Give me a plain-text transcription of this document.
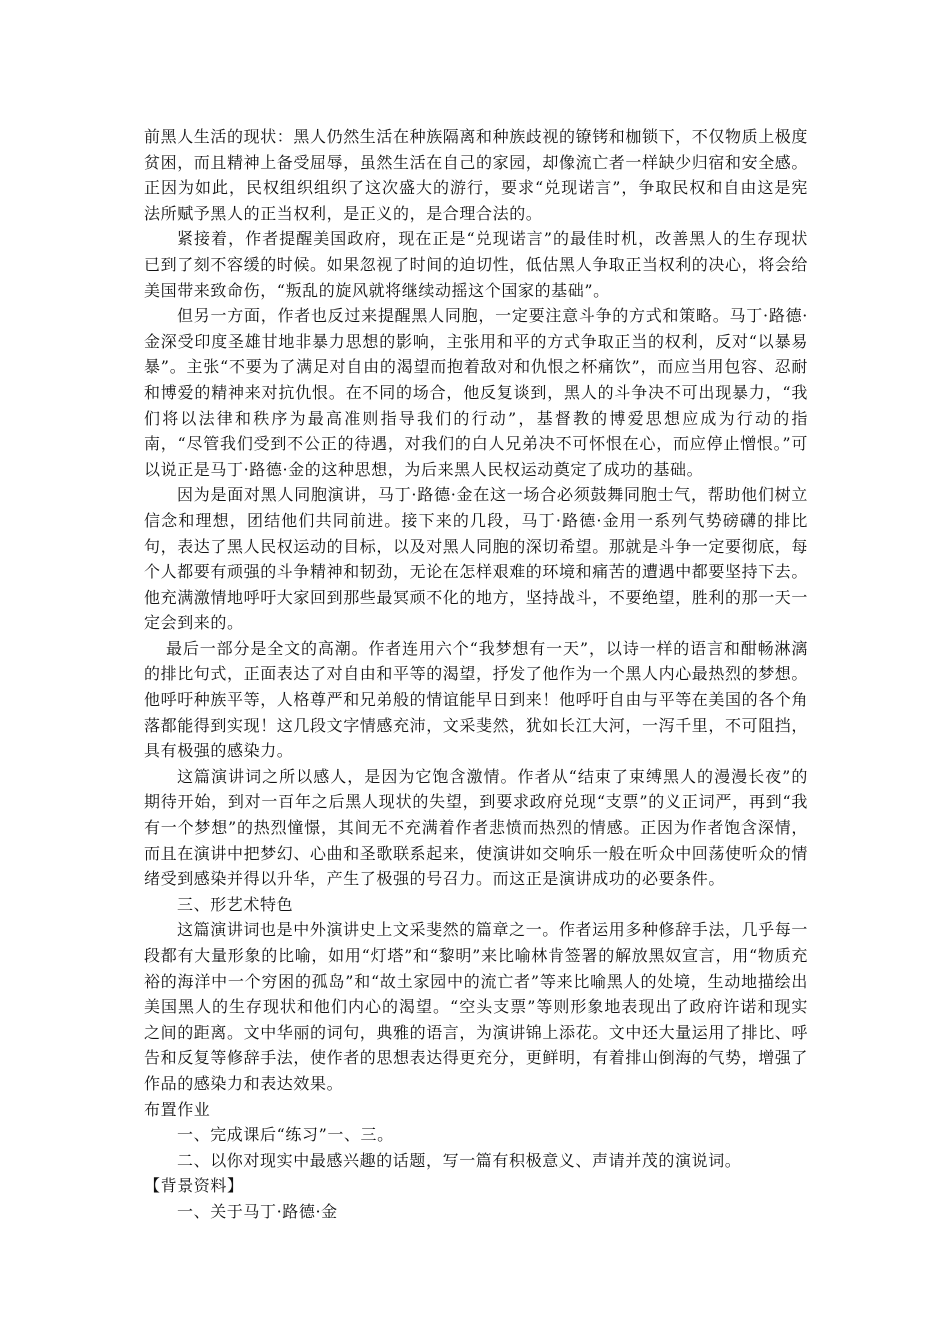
前黑人生活的现状：黑人仍然生活在种族隔离和种族歧视的镣铐和枷锁下，不仅物质上极度贫困，而且精神上备受屈辱，虽然生活在自己的家园，却像流亡者一样缺少归宿和安全感。正因为如此，民权组织组织了这次盛大的游行，要求“兑现诺言”，争取民权和自由这是宪法所赋予黑人的正当权利，是正义的，是合理合法的。

紧接着，作者提醒美国政府，现在正是“兑现诺言”的最佳时机，改善黑人的生存现状已到了刻不容缓的时候。如果忽视了时间的迫切性，低估黑人争取正当权利的决心，将会给美国带来致命伤，“叛乱的旋风就将继续动摇这个国家的基础”。

但另一方面，作者也反过来提醒黑人同胞，一定要注意斗争的方式和策略。马丁·路德·金深受印度圣雄甘地非暴力思想的影响，主张用和平的方式争取正当的权利，反对“以暴易暴”。主张“不要为了满足对自由的渴望而抱着敌对和仇恨之杯痛饮”，而应当用包容、忍耐和博爱的精神来对抗仇恨。在不同的场合，他反复谈到，黑人的斗争决不可出现暴力，“我们将以法律和秩序为最高准则指导我们的行动”，基督教的博爱思想应成为行动的指南，“尽管我们受到不公正的待遇，对我们的白人兄弟决不可怀恨在心，而应停止憎恨。”可以说正是马丁·路德·金的这种思想，为后来黑人民权运动奠定了成功的基础。

因为是面对黑人同胞演讲，马丁·路德·金在这一场合必须鼓舞同胞士气，帮助他们树立信念和理想，团结他们共同前进。接下来的几段，马丁·路德·金用一系列气势磅礴的排比句，表达了黑人民权运动的目标，以及对黑人同胞的深切希望。那就是斗争一定要彻底，每个人都要有顽强的斗争精神和韧劲，无论在怎样艰难的环境和痛苦的遭遇中都要坚持下去。他充满激情地呼吁大家回到那些最冥顽不化的地方，坚持战斗，不要绝望，胜利的那一天一定会到来的。

最后一部分是全文的高潮。作者连用六个“我梦想有一天”，以诗一样的语言和酣畅淋漓的排比句式，正面表达了对自由和平等的渴望，抒发了他作为一个黑人内心最热烈的梦想。他呼吁种族平等，人格尊严和兄弟般的情谊能早日到来！他呼吁自由与平等在美国的各个角落都能得到实现！这几段文字情感充沛，文采斐然，犹如长江大河，一泻千里，不可阻挡，具有极强的感染力。

这篇演讲词之所以感人，是因为它饱含激情。作者从“结束了束缚黑人的漫漫长夜”的期待开始，到对一百年之后黑人现状的失望，到要求政府兑现“支票”的义正词严，再到“我有一个梦想”的热烈憧憬，其间无不充满着作者悲愤而热烈的情感。正因为作者饱含深情，而且在演讲中把梦幻、心曲和圣歌联系起来，使演讲如交响乐一般在听众中回荡使听众的情绪受到感染并得以升华，产生了极强的号召力。而这正是演讲成功的必要条件。

三、形艺术特色

这篇演讲词也是中外演讲史上文采斐然的篇章之一。作者运用多种修辞手法，几乎每一段都有大量形象的比喻，如用“灯塔”和“黎明”来比喻林肯签署的解放黑奴宣言，用“物质充裕的海洋中一个穷困的孤岛”和“故土家园中的流亡者”等来比喻黑人的处境，生动地描绘出美国黑人的生存现状和他们内心的渴望。“空头支票”等则形象地表现出了政府许诺和现实之间的距离。文中华丽的词句，典雅的语言，为演讲锦上添花。文中还大量运用了排比、呼告和反复等修辞手法，使作者的思想表达得更充分，更鲜明，有着排山倒海的气势，增强了作品的感染力和表达效果。

布置作业

一、完成课后“练习”一、三。

二、以你对现实中最感兴趣的话题，写一篇有积极意义、声请并茂的演说词。

【背景资料】

一、关于马丁·路德·金
